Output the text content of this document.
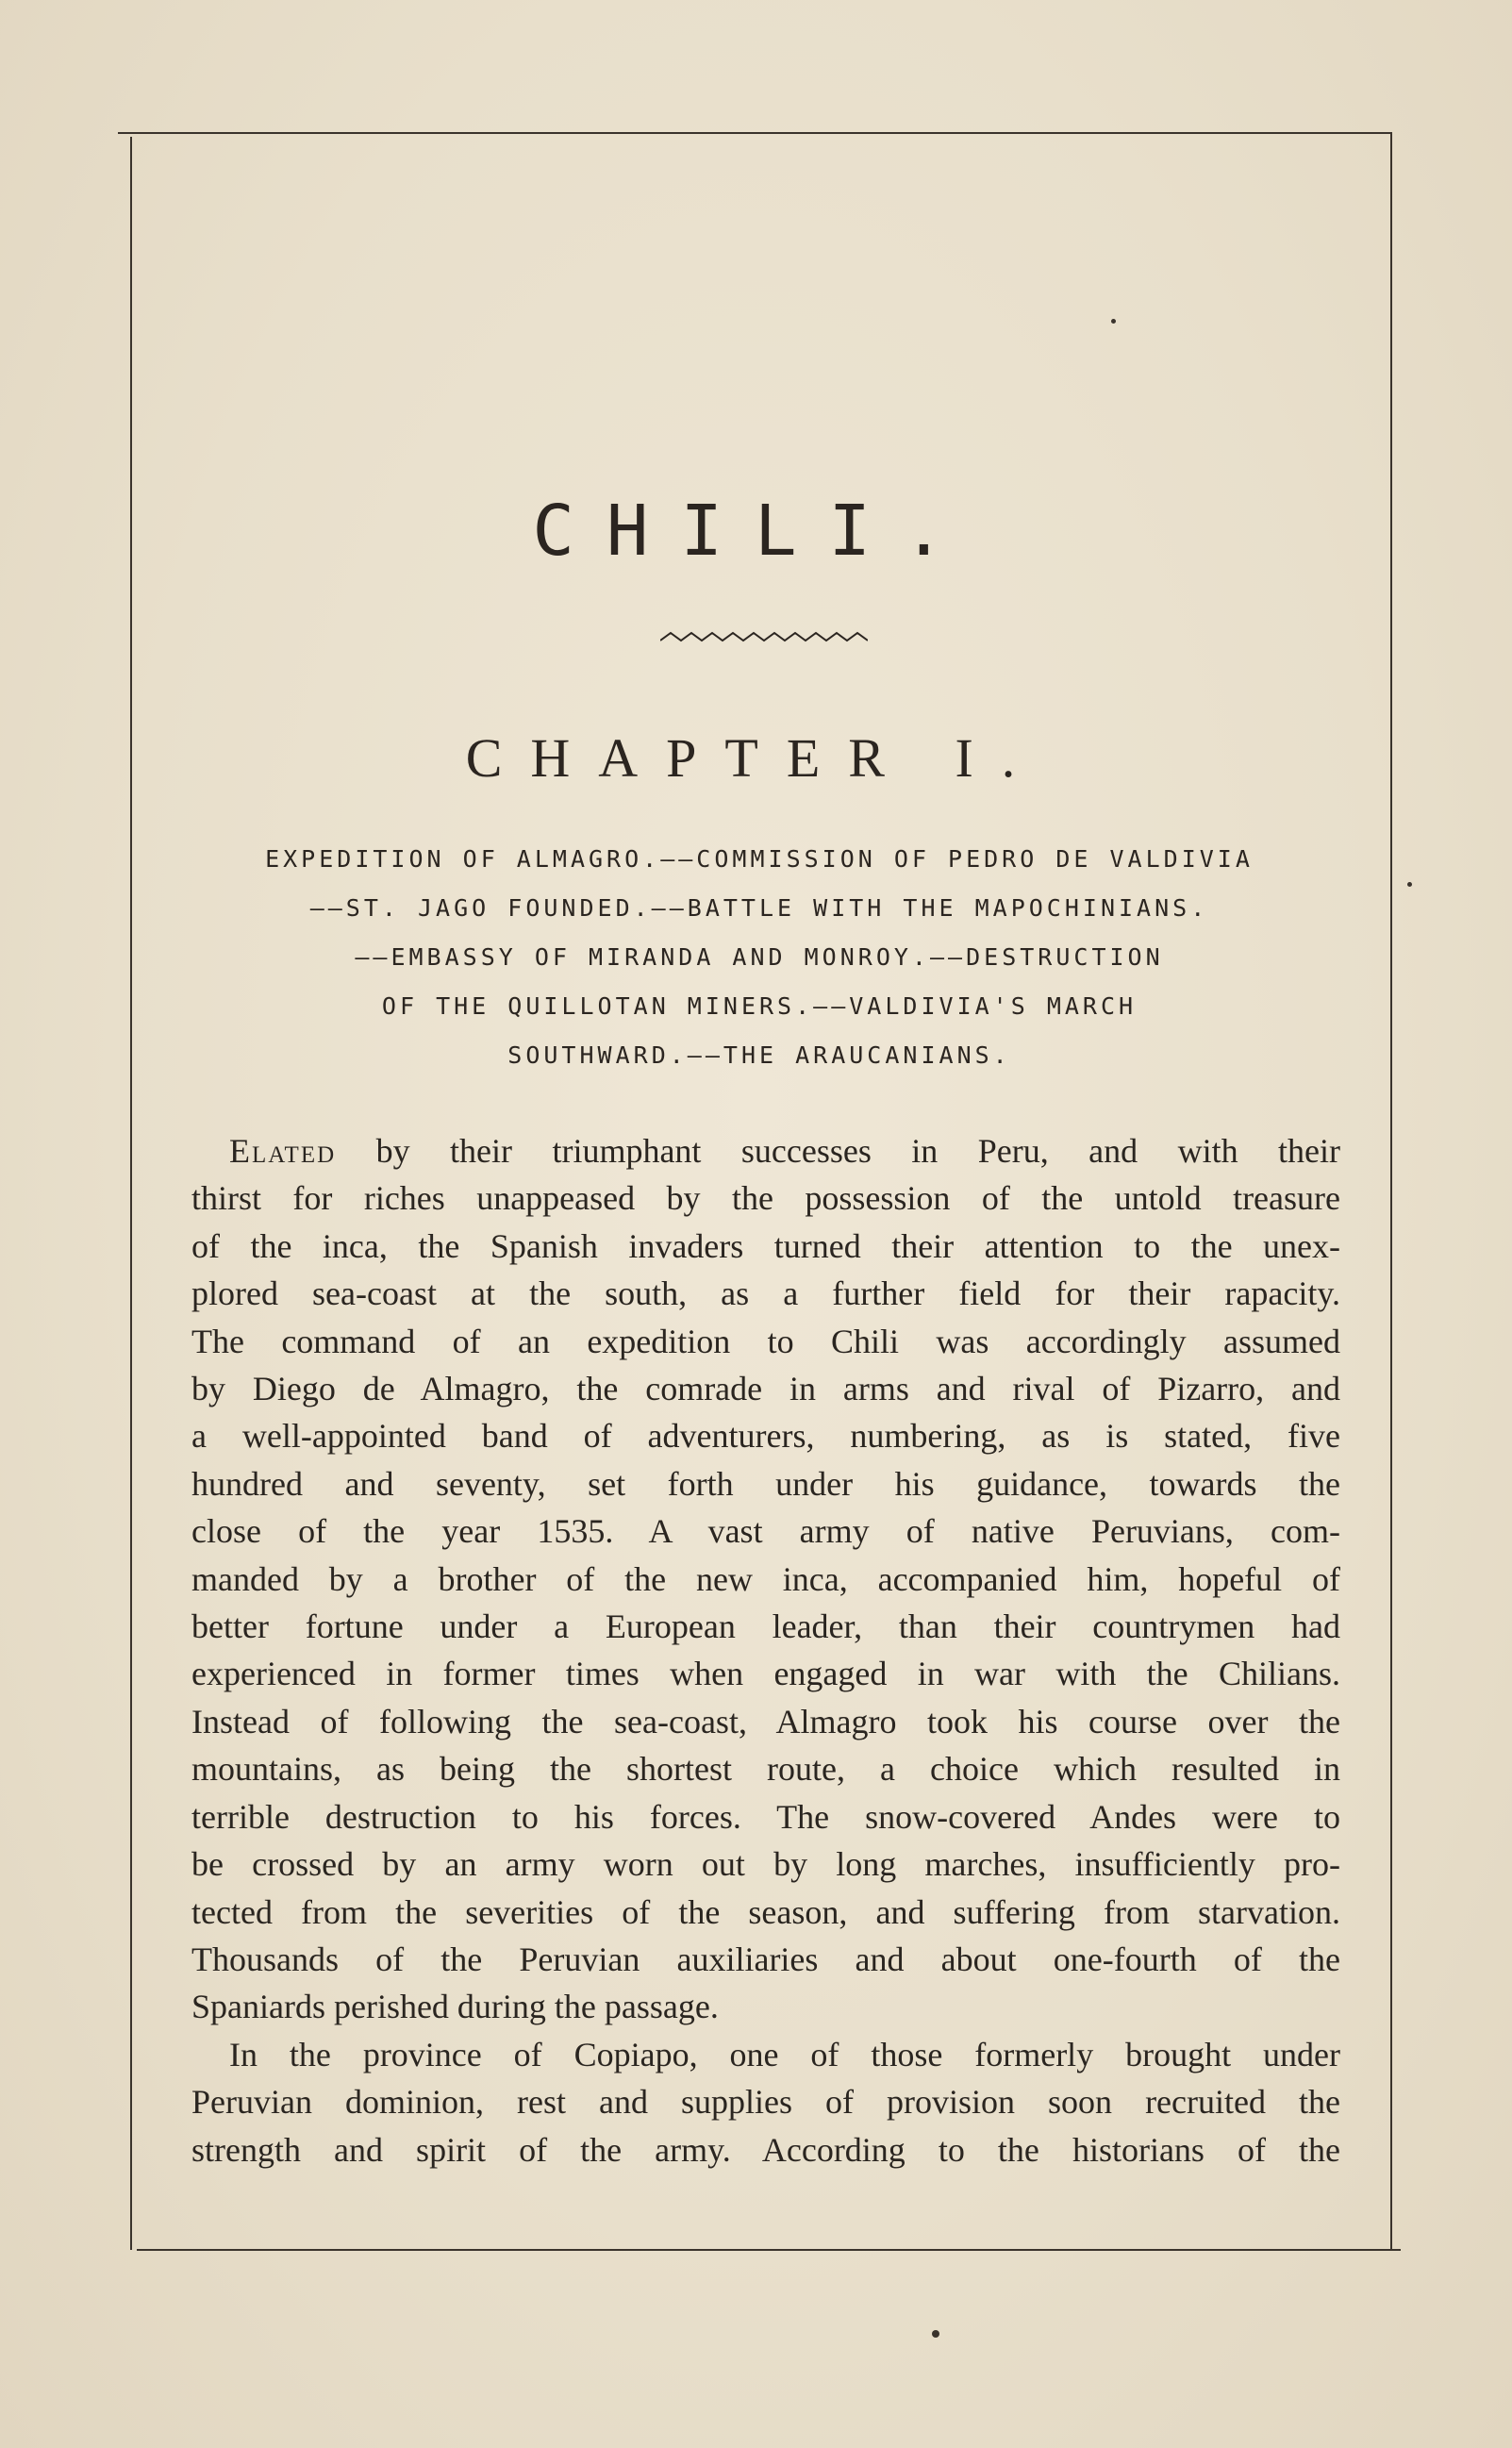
CHILI.
CHAPTER I.
EXPEDITION OF ALMAGRO.——COMMISSION OF PEDRO DE VALDIVIA
——ST. JAGO FOUNDED.——BATTLE WITH THE MAPOCHINIANS.
——EMBASSY OF MIRANDA AND MONROY.——DESTRUCTION
OF THE QUILLOTAN MINERS.——VALDIVIA'S MARCH
SOUTHWARD.——THE ARAUCANIANS.
Elated by their triumphant successes in Peru, and with their
thirst for riches unappeased by the possession of the untold treasure
of the inca, the Spanish invaders turned their attention to the unex-
plored sea-coast at the south, as a further field for their rapacity.
The command of an expedition to Chili was accordingly assumed
by Diego de Almagro, the comrade in arms and rival of Pizarro, and
a well-appointed band of adventurers, numbering, as is stated, five
hundred and seventy, set forth under his guidance, towards the
close of the year 1535. A vast army of native Peruvians, com-
manded by a brother of the new inca, accompanied him, hopeful of
better fortune under a European leader, than their countrymen had
experienced in former times when engaged in war with the Chilians.
Instead of following the sea-coast, Almagro took his course over the
mountains, as being the shortest route, a choice which resulted in
terrible destruction to his forces. The snow-covered Andes were to
be crossed by an army worn out by long marches, insufficiently pro-
tected from the severities of the season, and suffering from starvation.
Thousands of the Peruvian auxiliaries and about one-fourth of the
Spaniards perished during the passage.
In the province of Copiapo, one of those formerly brought under
Peruvian dominion, rest and supplies of provision soon recruited the
strength and spirit of the army. According to the historians of the
